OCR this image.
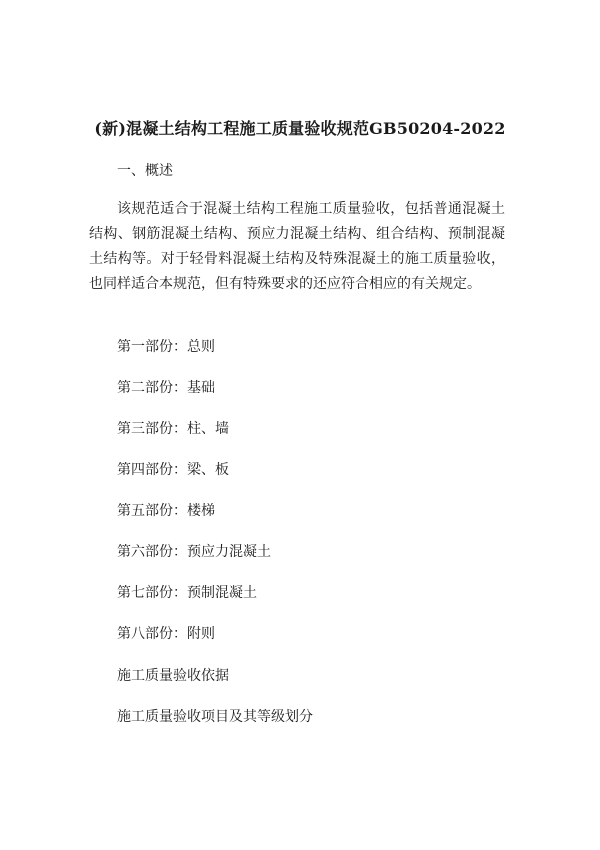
(新)混凝土结构工程施工质量验收规范GB50204-2022
一、概述
该规范适合于混凝土结构工程施工质量验收，包括普通混凝土结构、钢筋混凝土结构、预应力混凝土结构、组合结构、预制混凝土结构等。对于轻骨料混凝土结构及特殊混凝土的施工质量验收，也同样适合本规范，但有特殊要求的还应符合相应的有关规定。
第一部份：总则
第二部份：基础
第三部份：柱、墙
第四部份：梁、板
第五部份：楼梯
第六部份：预应力混凝土
第七部份：预制混凝土
第八部份：附则
施工质量验收依据
施工质量验收项目及其等级划分
